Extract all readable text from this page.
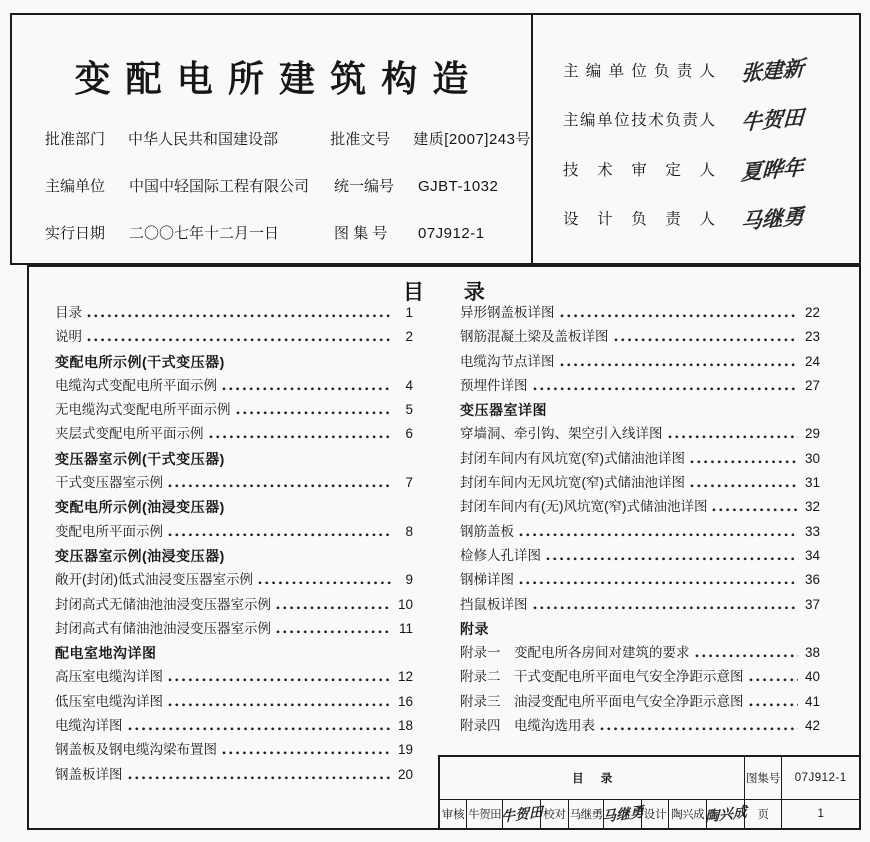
变配电所建筑构造
批准部门	中华人民共和国建设部	批准文号	建质[2007]243号
主编单位	中国中轻国际工程有限公司	统一编号	GJBT-1032
实行日期	二〇〇七年十二月一日	图 集 号	07J912-1
主编单位负责人 张建新
主编单位技术负责人 牛贺田
技术审定人 夏晔年
设计负责人 马继勇
目录
目录	1
说明	2
变配电所示例(干式变压器)
电缆沟式变配电所平面示例	4
无电缆沟式变配电所平面示例	5
夹层式变配电所平面示例	6
变压器室示例(干式变压器)
干式变压器室示例	7
变配电所示例(油浸变压器)
变配电所平面示例	8
变压器室示例(油浸变压器)
敞开(封闭)低式油浸变压器室示例	9
封闭高式无储油池油浸变压器室示例	10
封闭高式有储油池油浸变压器室示例	11
配电室地沟详图
高压室电缆沟详图	12
低压室电缆沟详图	16
电缆沟详图	18
钢盖板及钢电缆沟梁布置图	19
钢盖板详图	20
异形钢盖板详图	22
钢筋混凝土梁及盖板详图	23
电缆沟节点详图	24
预埋件详图	27
变压器室详图
穿墙洞、牵引钩、架空引入线详图	29
封闭车间内有风坑宽(窄)式储油池详图	30
封闭车间内无风坑宽(窄)式储油池详图	31
封闭车间内有(无)风坑宽(窄)式储油池详图	32
钢筋盖板	33
检修人孔详图	34
钢梯详图	36
挡鼠板详图	37
附录
附录一　变配电所各房间对建筑的要求	38
附录二　干式变配电所平面电气安全净距示意图	40
附录三　油浸变配电所平面电气安全净距示意图	41
附录四　电缆沟选用表	42
目录	图集号	07J912-1
审核 牛贺田 牛贺田 校对 马继勇 马继勇 设计 陶兴成 陶兴成 页	1
